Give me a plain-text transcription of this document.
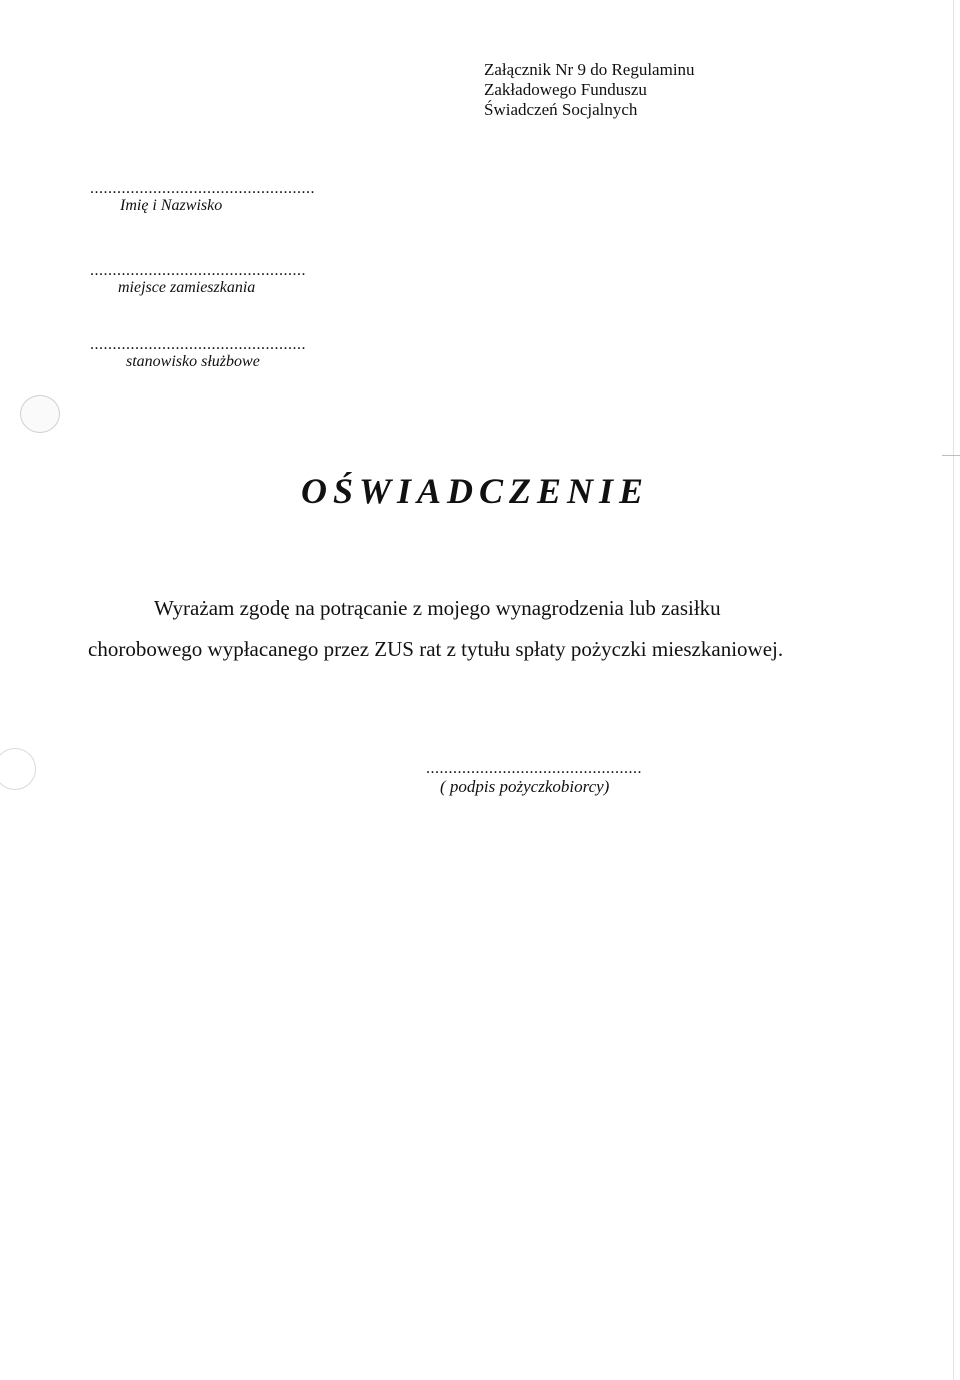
Załącznik Nr 9 do Regulaminu
Zakładowego Funduszu
Świadczeń Socjalnych
..................................................
Imię i Nazwisko
................................................
miejsce zamieszkania
................................................
stanowisko służbowe
OŚWIADCZENIE
Wyrażam zgodę na potrącanie z mojego wynagrodzenia lub zasiłku
chorobowego wypłacanego przez ZUS rat z tytułu spłaty pożyczki mieszkaniowej.
................................................
( podpis pożyczkobiorcy)
